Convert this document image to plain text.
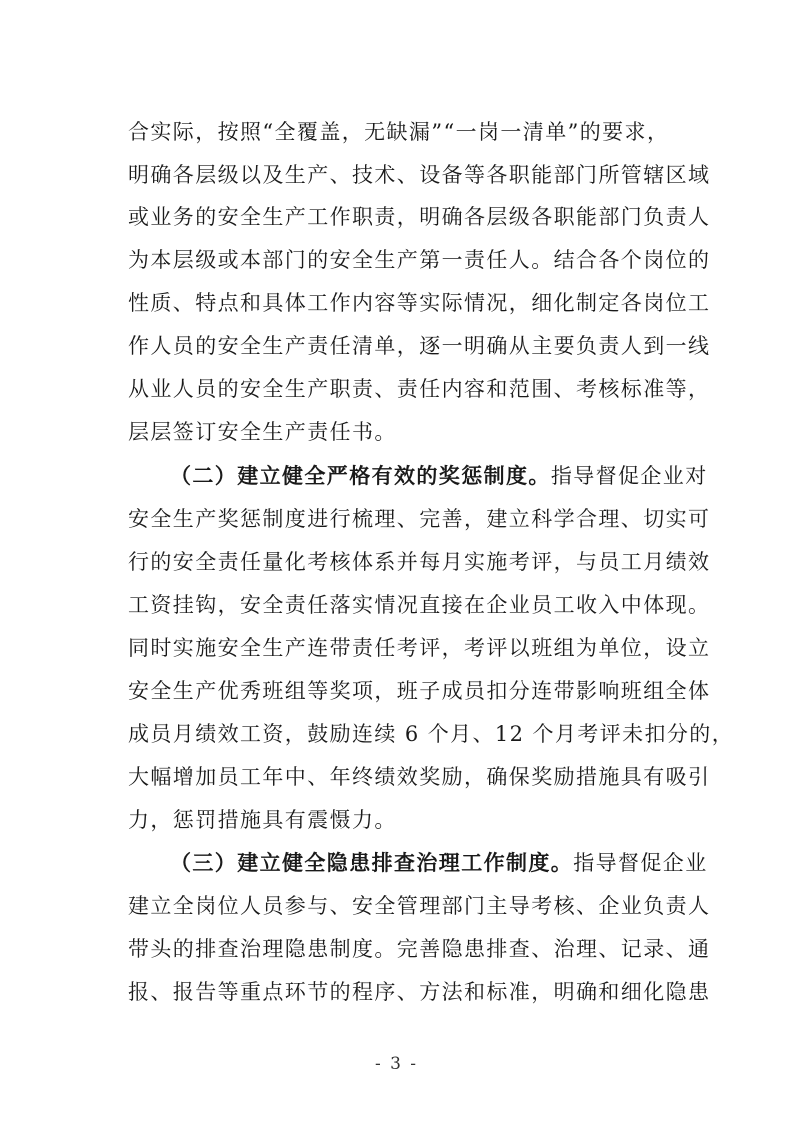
合实际，按照“全覆盖，无缺漏”“一岗一清单”的要求，
明确各层级以及生产、技术、设备等各职能部门所管辖区域
或业务的安全生产工作职责，明确各层级各职能部门负责人
为本层级或本部门的安全生产第一责任人。结合各个岗位的
性质、特点和具体工作内容等实际情况，细化制定各岗位工
作人员的安全生产责任清单，逐一明确从主要负责人到一线
从业人员的安全生产职责、责任内容和范围、考核标准等，
层层签订安全生产责任书。
（二）建立健全严格有效的奖惩制度。指导督促企业对
安全生产奖惩制度进行梳理、完善，建立科学合理、切实可
行的安全责任量化考核体系并每月实施考评，与员工月绩效
工资挂钩，安全责任落实情况直接在企业员工收入中体现。
同时实施安全生产连带责任考评，考评以班组为单位，设立
安全生产优秀班组等奖项，班子成员扣分连带影响班组全体
成员月绩效工资，鼓励连续 6 个月、12 个月考评未扣分的，
大幅增加员工年中、年终绩效奖励，确保奖励措施具有吸引
力，惩罚措施具有震慑力。
（三）建立健全隐患排查治理工作制度。指导督促企业
建立全岗位人员参与、安全管理部门主导考核、企业负责人
带头的排查治理隐患制度。完善隐患排查、治理、记录、通
报、报告等重点环节的程序、方法和标准，明确和细化隐患
- 3 -
